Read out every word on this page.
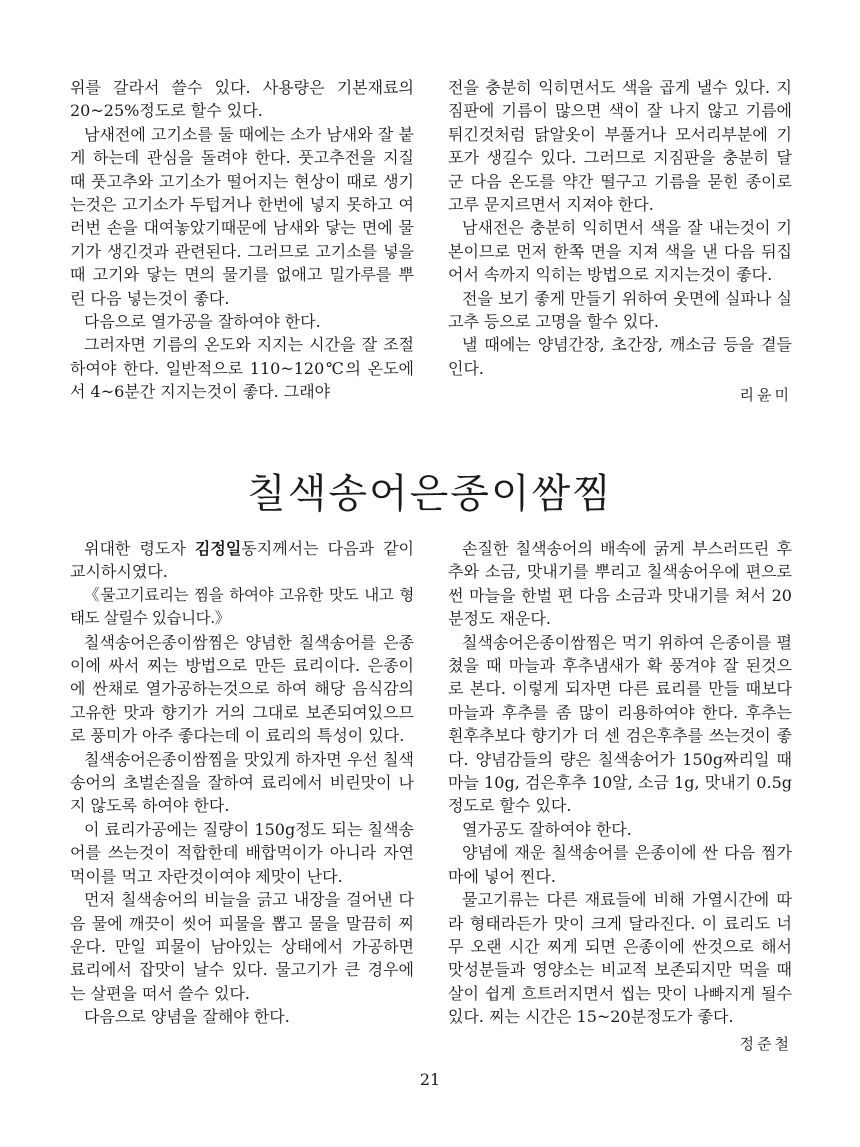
위를 갈라서 쓸수 있다. 사용량은 기본재료의 20~25%정도로 할수 있다.

남새전에 고기소를 둘 때에는 소가 남새와 잘 붙게 하는데 관심을 돌려야 한다. 풋고추전을 지질 때 풋고추와 고기소가 떨어지는 현상이 때로 생기는것은 고기소가 두텁거나 한번에 넣지 못하고 여러번 손을 대여놓았기때문에 남새와 닿는 면에 물기가 생긴것과 관련된다. 그러므로 고기소를 넣을 때 고기와 닿는 면의 물기를 없애고 밀가루를 뿌린 다음 넣는것이 좋다.

다음으로 열가공을 잘하여야 한다.

그러자면 기름의 온도와 지지는 시간을 잘 조절하여야 한다. 일반적으로 110~120℃의 온도에서 4~6분간 지지는것이 좋다. 그래야

전을 충분히 익히면서도 색을 곱게 낼수 있다. 지짐판에 기름이 많으면 색이 잘 나지 않고 기름에 튀긴것처럼 닭알옷이 부풀거나 모서리부분에 기포가 생길수 있다. 그러므로 지짐판을 충분히 달군 다음 온도를 약간 떨구고 기름을 묻힌 종이로 고루 문지르면서 지져야 한다.

남새전은 충분히 익히면서 색을 잘 내는것이 기본이므로 먼저 한쪽 면을 지져 색을 낸 다음 뒤집어서 속까지 익히는 방법으로 지지는것이 좋다.

전을 보기 좋게 만들기 위하여 웃면에 실파나 실고추 등으로 고명을 할수 있다.

낼 때에는 양념간장, 초간장, 깨소금 등을 곁들인다.

리윤미

칠색송어은종이쌈찜

위대한 령도자 김정일동지께서는 다음과 같이 교시하시였다.

《물고기료리는 찜을 하여야 고유한 맛도 내고 형태도 살릴수 있습니다.》

칠색송어은종이쌈찜은 양념한 칠색송어를 은종이에 싸서 찌는 방법으로 만든 료리이다. 은종이에 싼채로 열가공하는것으로 하여 해당 음식감의 고유한 맛과 향기가 거의 그대로 보존되여있으므로 풍미가 아주 좋다는데 이 료리의 특성이 있다.

칠색송어은종이쌈찜을 맛있게 하자면 우선 칠색송어의 초벌손질을 잘하여 료리에서 비린맛이 나지 않도록 하여야 한다.

이 료리가공에는 질량이 150g정도 되는 칠색송어를 쓰는것이 적합한데 배합먹이가 아니라 자연먹이를 먹고 자란것이여야 제맛이 난다.

먼저 칠색송어의 비늘을 긁고 내장을 걸어낸 다음 물에 깨끗이 씻어 피물을 뽑고 물을 말끔히 찌운다. 만일 피물이 남아있는 상태에서 가공하면 료리에서 잡맛이 날수 있다. 물고기가 큰 경우에는 살편을 떠서 쓸수 있다.

다음으로 양념을 잘해야 한다.

손질한 칠색송어의 배속에 굵게 부스러뜨린 후추와 소금, 맛내기를 뿌리고 칠색송어우에 편으로 썬 마늘을 한벌 편 다음 소금과 맛내기를 쳐서 20분정도 재운다.

칠색송어은종이쌈찜은 먹기 위하여 은종이를 펼쳤을 때 마늘과 후추냄새가 확 풍겨야 잘 된것으로 본다. 이렇게 되자면 다른 료리를 만들 때보다 마늘과 후추를 좀 많이 리용하여야 한다. 후추는 흰후추보다 향기가 더 센 검은후추를 쓰는것이 좋다. 양념감들의 량은 칠색송어가 150g짜리일 때 마늘 10g, 검은후추 10알, 소금 1g, 맛내기 0.5g정도로 할수 있다.

열가공도 잘하여야 한다.

양념에 재운 칠색송어를 은종이에 싼 다음 찜가마에 넣어 찐다.

물고기류는 다른 재료들에 비해 가열시간에 따라 형태라든가 맛이 크게 달라진다. 이 료리도 너무 오랜 시간 찌게 되면 은종이에 싼것으로 해서 맛성분들과 영양소는 비교적 보존되지만 먹을 때 살이 쉽게 흐트러지면서 씹는 맛이 나빠지게 될수 있다. 찌는 시간은 15~20분정도가 좋다.

정준철

21
